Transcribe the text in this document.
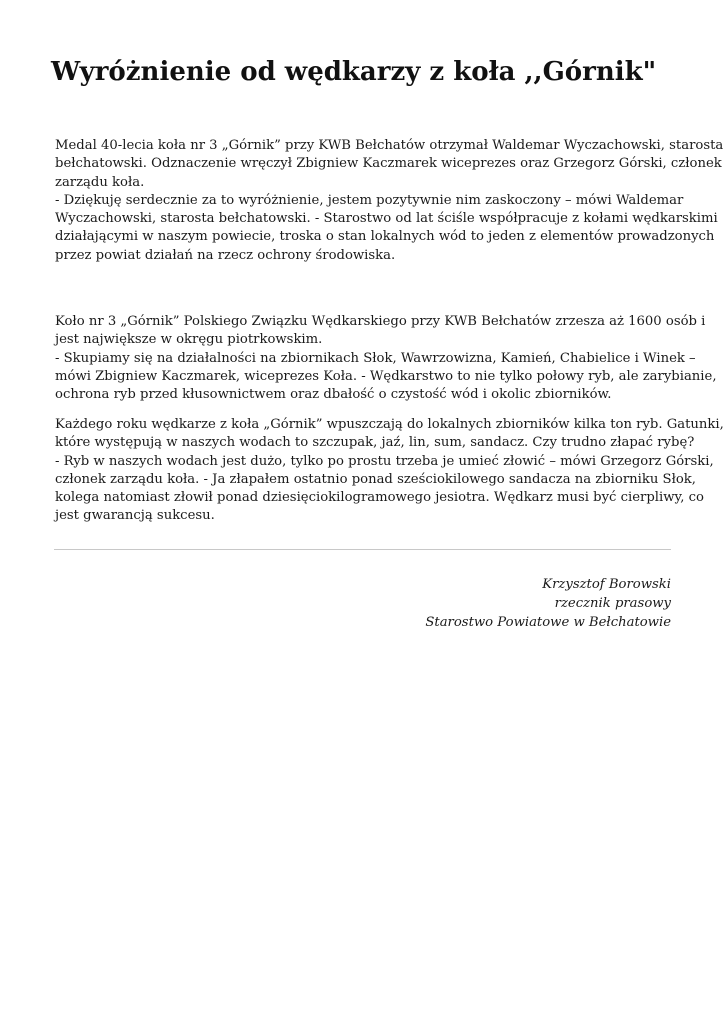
Wyróżnienie od wędkarzy z koła ,,Górnik"

Medal 40-lecia koła nr 3 „Górnik” przy KWB Bełchatów otrzymał Waldemar Wyczachowski, starosta
bełchatowski. Odznaczenie wręczył Zbigniew Kaczmarek wiceprezes oraz Grzegorz Górski, członek
zarządu koła.
- Dziękuję serdecznie za to wyróżnienie, jestem pozytywnie nim zaskoczony – mówi Waldemar
Wyczachowski, starosta bełchatowski. - Starostwo od lat ściśle współpracuje z kołami wędkarskimi
działającymi w naszym powiecie, troska o stan lokalnych wód to jeden z elementów prowadzonych
przez powiat działań na rzecz ochrony środowiska.

Koło nr 3 „Górnik” Polskiego Związku Wędkarskiego przy KWB Bełchatów zrzesza aż 1600 osób i
jest największe w okręgu piotrkowskim.
- Skupiamy się na działalności na zbiornikach Słok, Wawrzowizna, Kamień, Chabielice i Winek –
mówi Zbigniew Kaczmarek, wiceprezes Koła. - Wędkarstwo to nie tylko połowy ryb, ale zarybianie,
ochrona ryb przed kłusownictwem oraz dbałość o czystość wód i okolic zbiorników.

Każdego roku wędkarze z koła „Górnik” wpuszczają do lokalnych zbiorników kilka ton ryb. Gatunki,
które występują w naszych wodach to szczupak, jaź, lin, sum, sandacz. Czy trudno złapać rybę?
- Ryb w naszych wodach jest dużo, tylko po prostu trzeba je umieć złowić – mówi Grzegorz Górski,
członek zarządu koła. - Ja złapałem ostatnio ponad sześciokilowego sandacza na zbiorniku Słok,
kolega natomiast złowił ponad dziesięciokilogramowego jesiotra. Wędkarz musi być cierpliwy, co
jest gwarancją sukcesu.

Krzysztof Borowski
rzecznik prasowy
Starostwo Powiatowe w Bełchatowie
